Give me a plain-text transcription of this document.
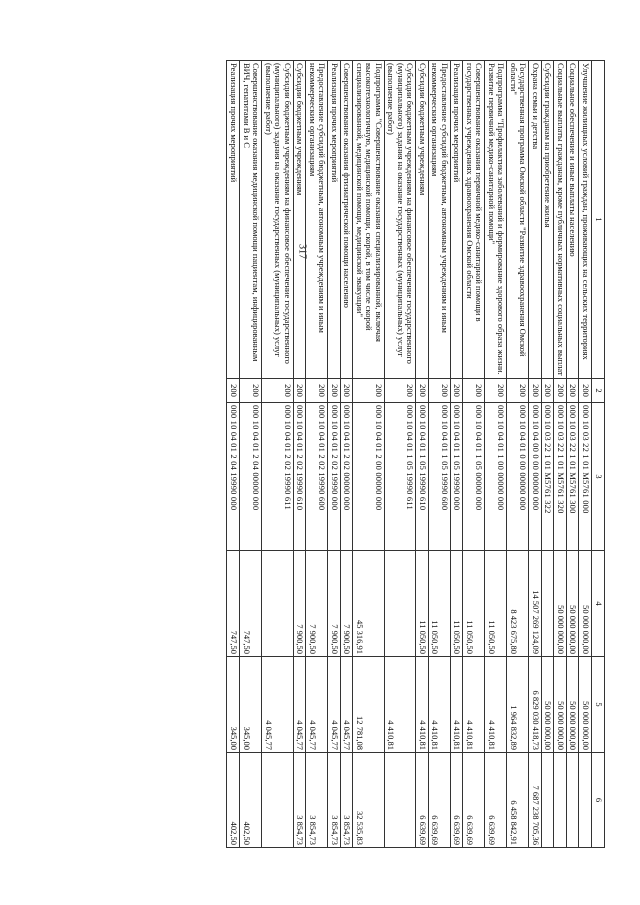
317
1	2	3	4	5	6
Улучшение жилищных условий граждан, проживающих на сельских территориях	200	000 10 03 22 1 01 M5761 000	50 000 000,00	50 000 000,00	
Социальное обеспечение и иные выплаты населению	200	000 10 03 22 1 01 M5761 300	50 000 000,00	50 000 000,00	
Социальные выплаты гражданам, кроме публичных нормативных социальных выплат	200	000 10 03 22 1 01 M5761 320	50 000 000,00	50 000 000,00	
Субсидии гражданам на приобретение жилья	200	000 10 03 22 1 01 M5761 322		50 000 000,00	
Охрана семьи и детства	200	000 10 04 00 0 00 00000 000	14 507 269 124,09	6 829 030 418,73	7 687 238 705,36
Государственная программа Омской области "Развитие здравоохранения Омской области"	200	000 10 04 01 0 00 00000 000	8 423 675,80	1 964 832,89	6 458 842,91
Подпрограмма "Профилактика заболеваний и формирование здорового образа жизни. Развитие первичной медико-санитарной помощи"	200	000 10 04 01 1 00 00000 000	11 050,50	4 410,81	6 639,69
Совершенствование оказания первичной медико-санитарной помощи в государственных учреждениях здравоохранения Омской области	200	000 10 04 01 1 05 00000 000	11 050,50	4 410,81	6 639,69
Реализация прочих мероприятий	200	000 10 04 01 1 05 19990 000	11 050,50	4 410,81	6 639,69
Предоставление субсидий бюджетным, автономным учреждениям и иным некоммерческим организациям	200	000 10 04 01 1 05 19990 600	11 050,50	4 410,81	6 639,69
Субсидии бюджетным учреждениям	200	000 10 04 01 1 05 19990 610	11 050,50	4 410,81	6 639,69
Субсидии бюджетным учреждениям на финансовое обеспечение государственного (муниципального) задания на оказание государственных (муниципальных) услуг (выполнение работ)	200	000 10 04 01 1 05 19990 611		4 410,81	
Подпрограмма "Совершенствование оказания специализированной, включая высокотехнологичную, медицинской помощи, скорой, в том числе скорой специализированной, медицинской помощи, медицинской эвакуации"	200	000 10 04 01 2 00 00000 000	45 316,91	12 781,08	32 535,83
Совершенствование оказания фтизиатрической помощи населению	200	000 10 04 01 2 02 00000 000	7 900,50	4 045,77	3 854,73
Реализация прочих мероприятий	200	000 10 04 01 2 02 19990 000	7 900,50	4 045,77	3 854,73
Предоставление субсидий бюджетным, автономным учреждениям и иным некоммерческим организациям	200	000 10 04 01 2 02 19990 600	7 900,50	4 045,77	3 854,73
Субсидии бюджетным учреждениям	200	000 10 04 01 2 02 19990 610	7 900,50	4 045,77	3 854,73
Субсидии бюджетным учреждениям на финансовое обеспечение государственного (муниципального) задания на оказание государственных (муниципальных) услуг (выполнение работ)	200	000 10 04 01 2 02 19990 611		4 045,77	
Совершенствование оказания медицинской помощи пациентам, инфицированным ВИЧ, гепатитами В и С	200	000 10 04 01 2 04 00000 000	747,50	345,00	402,50
Реализация прочих мероприятий	200	000 10 04 01 2 04 19990 000	747,50	345,00	402,50
